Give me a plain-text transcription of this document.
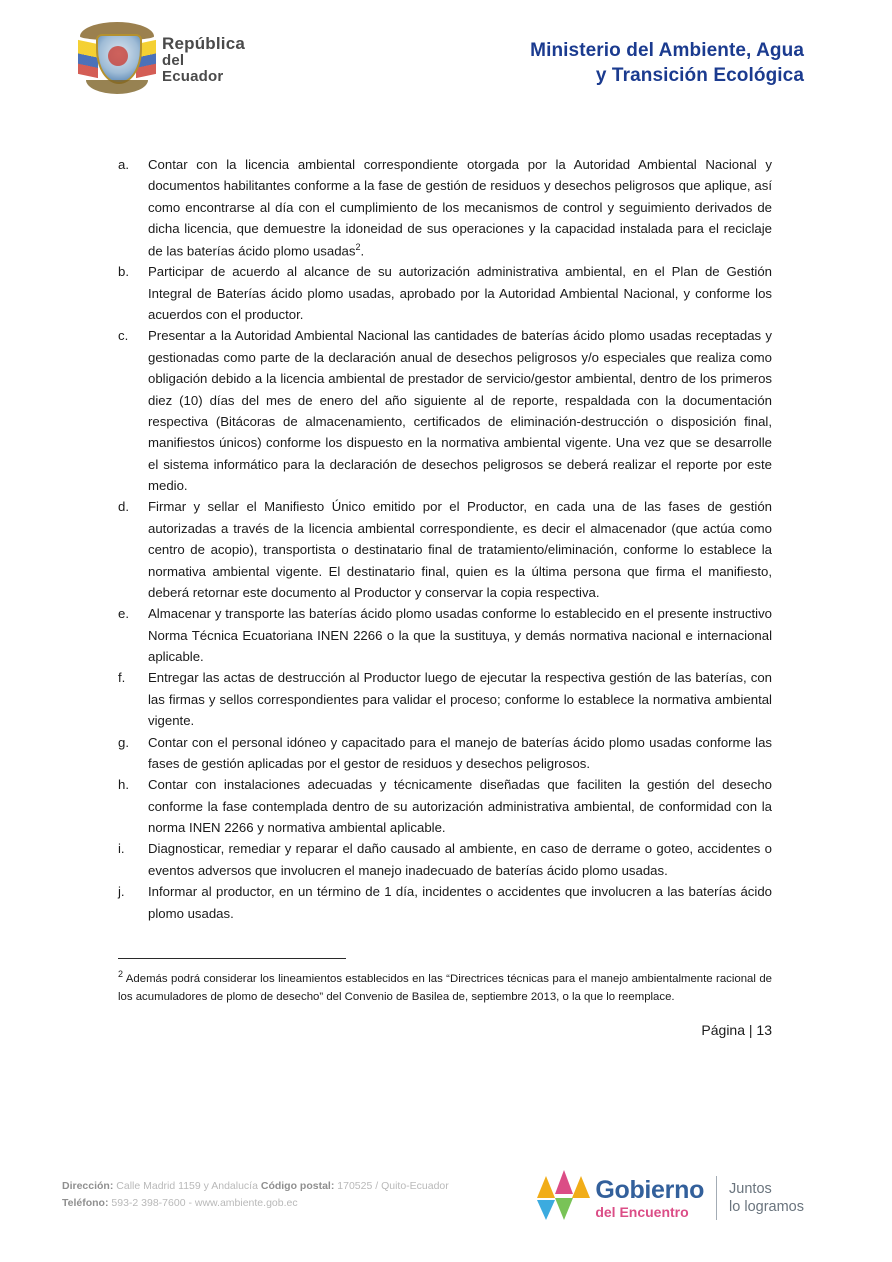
República
del Ecuador
Ministerio del Ambiente, Agua
y Transición Ecológica
a.	Contar con la licencia ambiental correspondiente otorgada por la Autoridad Ambiental Nacional y documentos habilitantes conforme a la fase de gestión de residuos y desechos peligrosos que aplique, así como encontrarse al día con el cumplimiento de los mecanismos de control y seguimiento derivados de dicha licencia, que demuestre la idoneidad de sus operaciones y la capacidad instalada para el reciclaje de las baterías ácido plomo usadas$^2$.
b.	Participar de acuerdo al alcance de su autorización administrativa ambiental, en el Plan de Gestión Integral de Baterías ácido plomo usadas, aprobado por la Autoridad Ambiental Nacional, y conforme los acuerdos con el productor.
c.	Presentar a la Autoridad Ambiental Nacional las cantidades de baterías ácido plomo usadas receptadas y gestionadas como parte de la declaración anual de desechos peligrosos y/o especiales que realiza como obligación debido a la licencia ambiental de prestador de servicio/gestor ambiental, dentro de los primeros diez (10) días del mes de enero del año siguiente al de reporte, respaldada con la documentación respectiva (Bitácoras de almacenamiento, certificados de eliminación-destrucción o disposición final, manifiestos únicos) conforme los dispuesto en la normativa ambiental vigente. Una vez que se desarrolle el sistema informático para la declaración de desechos peligrosos se deberá realizar el reporte por este medio.
d.	Firmar y sellar el Manifiesto Único emitido por el Productor, en cada una de las fases de gestión autorizadas a través de la licencia ambiental correspondiente, es decir el almacenador (que actúa como centro de acopio), transportista o destinatario final de tratamiento/eliminación, conforme lo establece la normativa ambiental vigente. El destinatario final, quien es la última persona que firma el manifiesto, deberá retornar este documento al Productor y conservar la copia respectiva.
e.	Almacenar y transporte las baterías ácido plomo usadas conforme lo establecido en el presente instructivo Norma Técnica Ecuatoriana INEN 2266 o la que la sustituya, y demás normativa nacional e internacional aplicable.
f.	Entregar las actas de destrucción al Productor luego de ejecutar la respectiva gestión de las baterías, con las firmas y sellos correspondientes para validar el proceso; conforme lo establece la normativa ambiental vigente.
g.	Contar con el personal idóneo y capacitado para el manejo de baterías ácido plomo usadas conforme las fases de gestión aplicadas por el gestor de residuos y desechos peligrosos.
h.	Contar con instalaciones adecuadas y técnicamente diseñadas que faciliten la gestión del desecho conforme la fase contemplada dentro de su autorización administrativa ambiental, de conformidad con la norma INEN 2266 y normativa ambiental aplicable.
i.	Diagnosticar, remediar y reparar el daño causado al ambiente, en caso de derrame o goteo, accidentes o eventos adversos que involucren el manejo inadecuado de baterías ácido plomo usadas.
j.	Informar al productor, en un término de 1 día, incidentes o accidentes que involucren a las baterías ácido plomo usadas.
$^2$ Además podrá considerar los lineamientos establecidos en las “Directrices técnicas para el manejo ambientalmente racional de los acumuladores de plomo de desecho” del Convenio de Basilea de, septiembre 2013, o la que lo reemplace.
Página | 13
Dirección: Calle Madrid 1159 y Andalucía Código postal: 170525 / Quito-Ecuador
Teléfono: 593-2 398-7600 - www.ambiente.gob.ec	Gobierno
del Encuentro
Juntos
lo logramos
